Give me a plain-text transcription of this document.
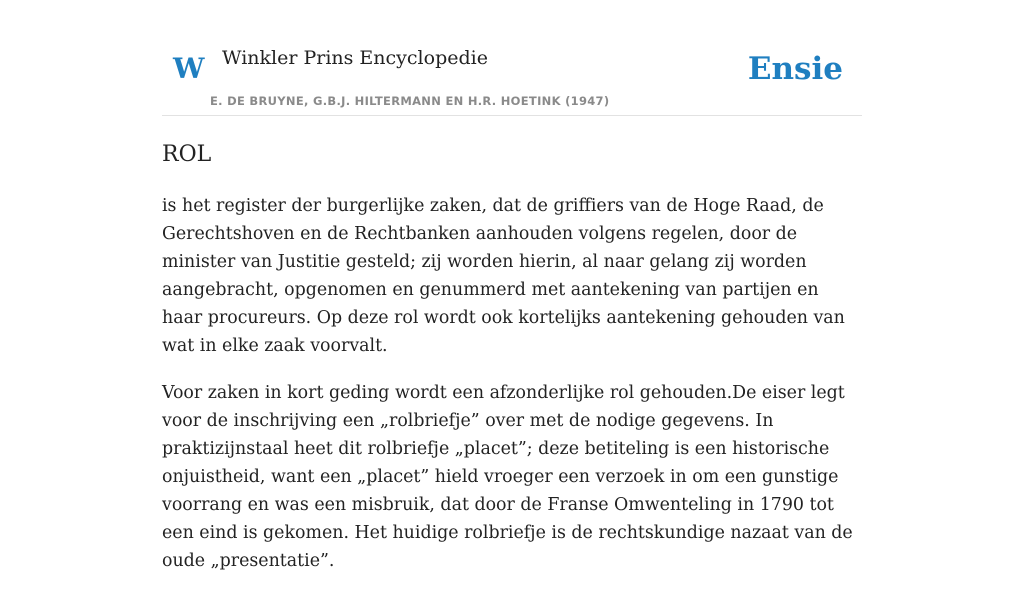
W Winkler Prins Encyclopedie
E. DE BRUYNE, G.B.J. HILTERMANN EN H.R. HOETINK (1947)
Ensie
ROL

is het register der burgerlijke zaken, dat de griffiers van de Hoge Raad, de Gerechtshoven en de Rechtbanken aanhouden volgens regelen, door de minister van Justitie gesteld; zij worden hierin, al naar gelang zij worden aangebracht, opgenomen en genummerd met aantekening van partijen en haar procureurs. Op deze rol wordt ook kortelijks aantekening gehouden van wat in elke zaak voorvalt.

Voor zaken in kort geding wordt een afzonderlijke rol gehouden.De eiser legt voor de inschrijving een „rolbriefje” over met de nodige gegevens. In praktizijnstaal heet dit rolbriefje „placet”; deze betiteling is een historische onjuistheid, want een „placet” hield vroeger een verzoek in om een gunstige voorrang en was een misbruik, dat door de Franse Omwenteling in 1790 tot een eind is gekomen. Het huidige rolbriefje is de rechtskundige nazaat van de oude „presentatie”.
